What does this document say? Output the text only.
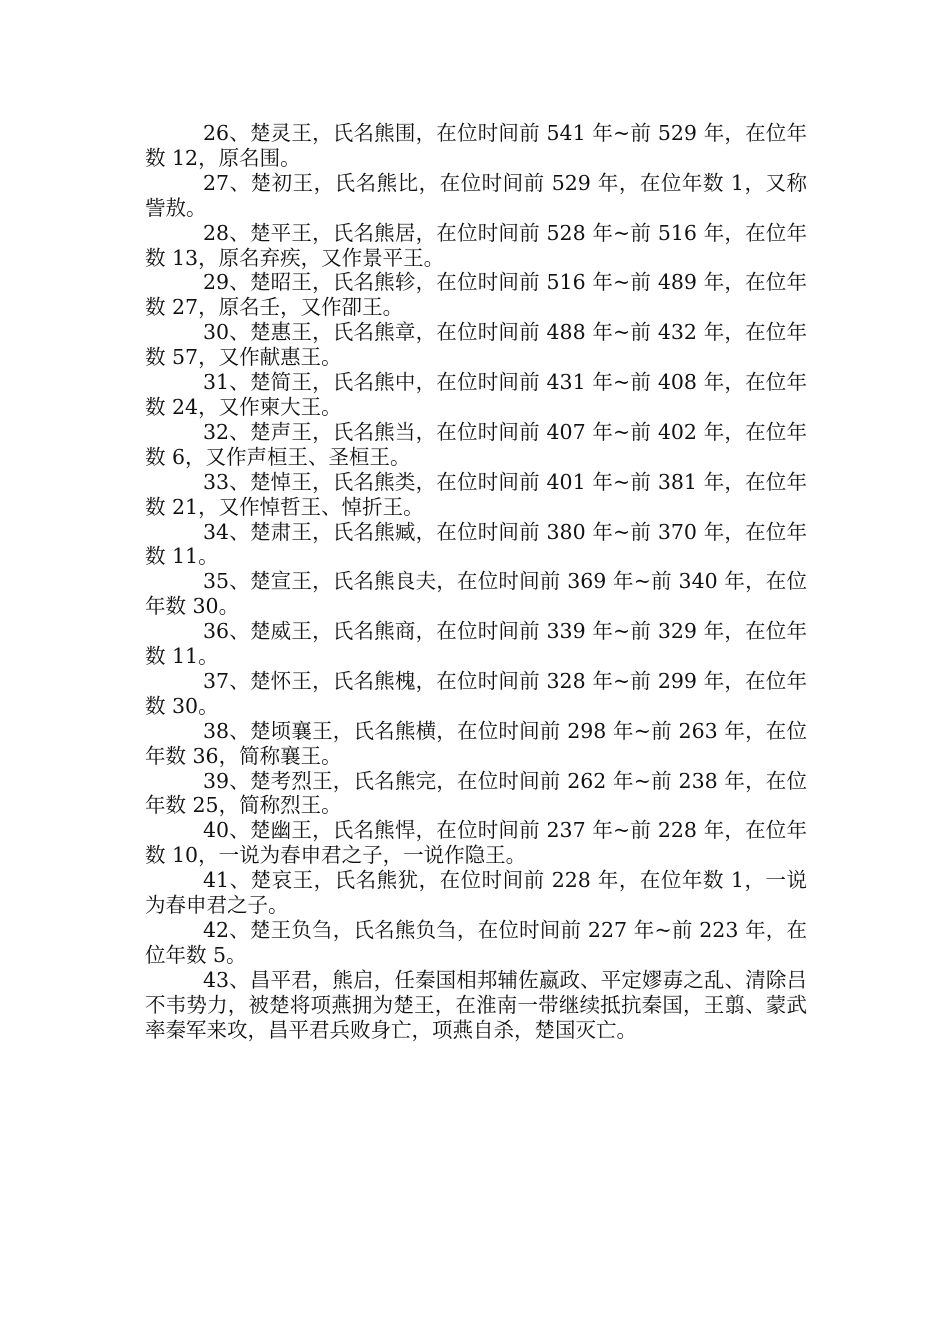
26、楚灵王，氏名熊围，在位时间前 541 年~前 529 年，在位年数 12，原名围。

27、楚初王，氏名熊比，在位时间前 529 年，在位年数 1，又称訾敖。

28、楚平王，氏名熊居，在位时间前 528 年~前 516 年，在位年数 13，原名弃疾，又作景平王。

29、楚昭王，氏名熊轸，在位时间前 516 年~前 489 年，在位年数 27，原名壬，又作卲王。

30、楚惠王，氏名熊章，在位时间前 488 年~前 432 年，在位年数 57，又作献惠王。

31、楚简王，氏名熊中，在位时间前 431 年~前 408 年，在位年数 24，又作柬大王。

32、楚声王，氏名熊当，在位时间前 407 年~前 402 年，在位年数 6，又作声桓王、圣桓王。

33、楚悼王，氏名熊类，在位时间前 401 年~前 381 年，在位年数 21，又作悼哲王、悼折王。

34、楚肃王，氏名熊臧，在位时间前 380 年~前 370 年，在位年数 11。

35、楚宣王，氏名熊良夫，在位时间前 369 年~前 340 年，在位年数 30。

36、楚威王，氏名熊商，在位时间前 339 年~前 329 年，在位年数 11。

37、楚怀王，氏名熊槐，在位时间前 328 年~前 299 年，在位年数 30。

38、楚顷襄王，氏名熊横，在位时间前 298 年~前 263 年，在位年数 36，简称襄王。

39、楚考烈王，氏名熊完，在位时间前 262 年~前 238 年，在位年数 25，简称烈王。

40、楚幽王，氏名熊悍，在位时间前 237 年~前 228 年，在位年数 10，一说为春申君之子，一说作隐王。

41、楚哀王，氏名熊犹，在位时间前 228 年，在位年数 1，一说为春申君之子。

42、楚王负刍，氏名熊负刍，在位时间前 227 年~前 223 年，在位年数 5。

43、昌平君，熊启，任秦国相邦辅佐嬴政、平定嫪毐之乱、清除吕不韦势力，被楚将项燕拥为楚王，在淮南一带继续抵抗秦国，王翦、蒙武率秦军来攻，昌平君兵败身亡，项燕自杀，楚国灭亡。
